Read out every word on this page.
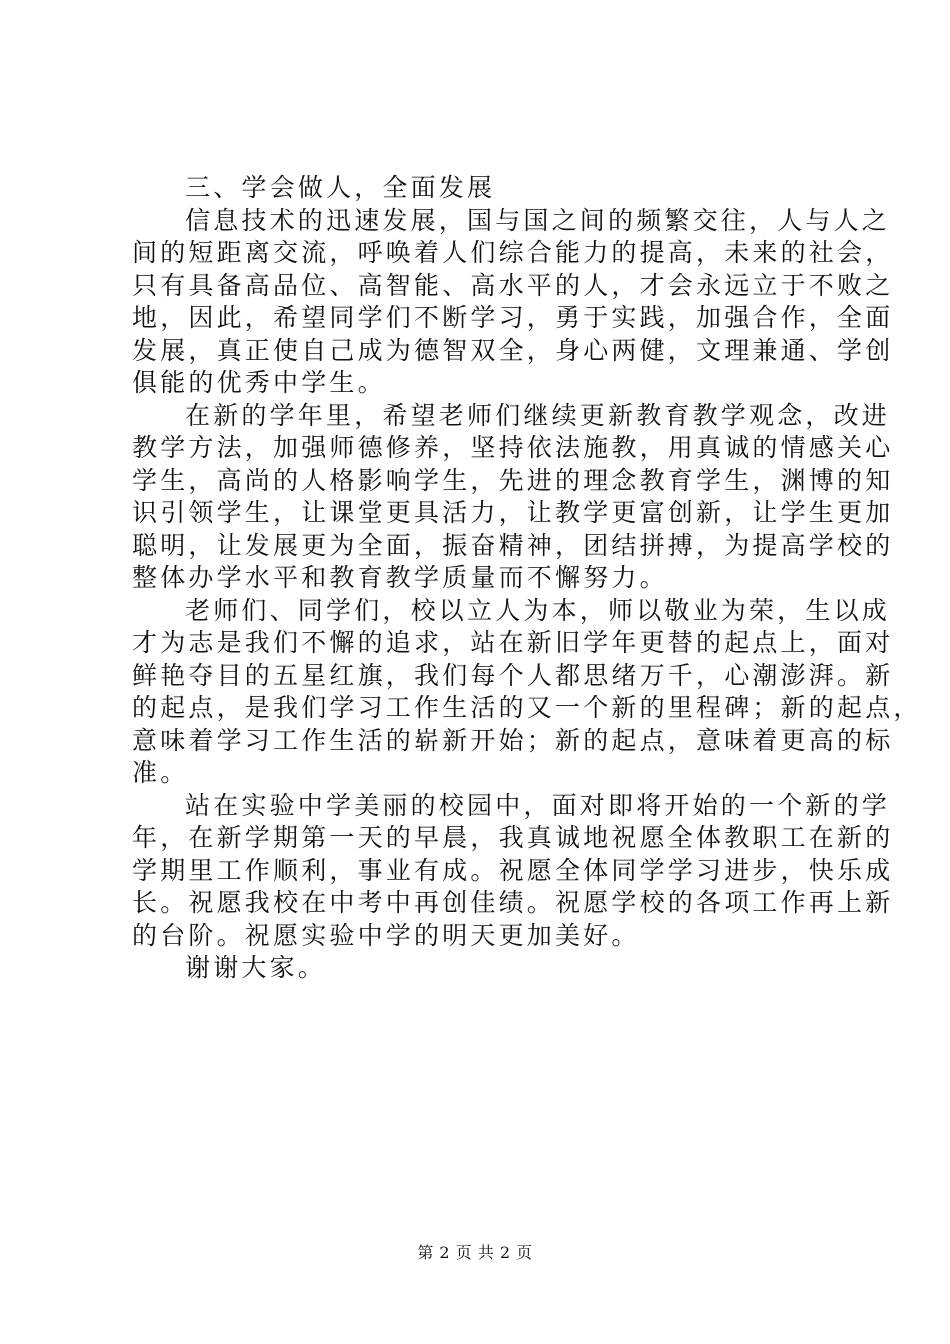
三、学会做人，全面发展
信息技术的迅速发展，国与国之间的频繁交往，人与人之
间的短距离交流，呼唤着人们综合能力的提高，未来的社会，
只有具备高品位、高智能、高水平的人，才会永远立于不败之
地，因此，希望同学们不断学习，勇于实践，加强合作，全面
发展，真正使自己成为德智双全，身心两健，文理兼通、学创
俱能的优秀中学生。
在新的学年里，希望老师们继续更新教育教学观念，改进
教学方法，加强师德修养，坚持依法施教，用真诚的情感关心
学生，高尚的人格影响学生，先进的理念教育学生，渊博的知
识引领学生，让课堂更具活力，让教学更富创新，让学生更加
聪明，让发展更为全面，振奋精神，团结拼搏，为提高学校的
整体办学水平和教育教学质量而不懈努力。
老师们、同学们，校以立人为本，师以敬业为荣，生以成
才为志是我们不懈的追求，站在新旧学年更替的起点上，面对
鲜艳夺目的五星红旗，我们每个人都思绪万千，心潮澎湃。新
的起点，是我们学习工作生活的又一个新的里程碑；新的起点，
意味着学习工作生活的崭新开始；新的起点，意味着更高的标
准。
站在实验中学美丽的校园中，面对即将开始的一个新的学
年，在新学期第一天的早晨，我真诚地祝愿全体教职工在新的
学期里工作顺利，事业有成。祝愿全体同学学习进步，快乐成
长。祝愿我校在中考中再创佳绩。祝愿学校的各项工作再上新
的台阶。祝愿实验中学的明天更加美好。
谢谢大家。
第 2 页 共 2 页
